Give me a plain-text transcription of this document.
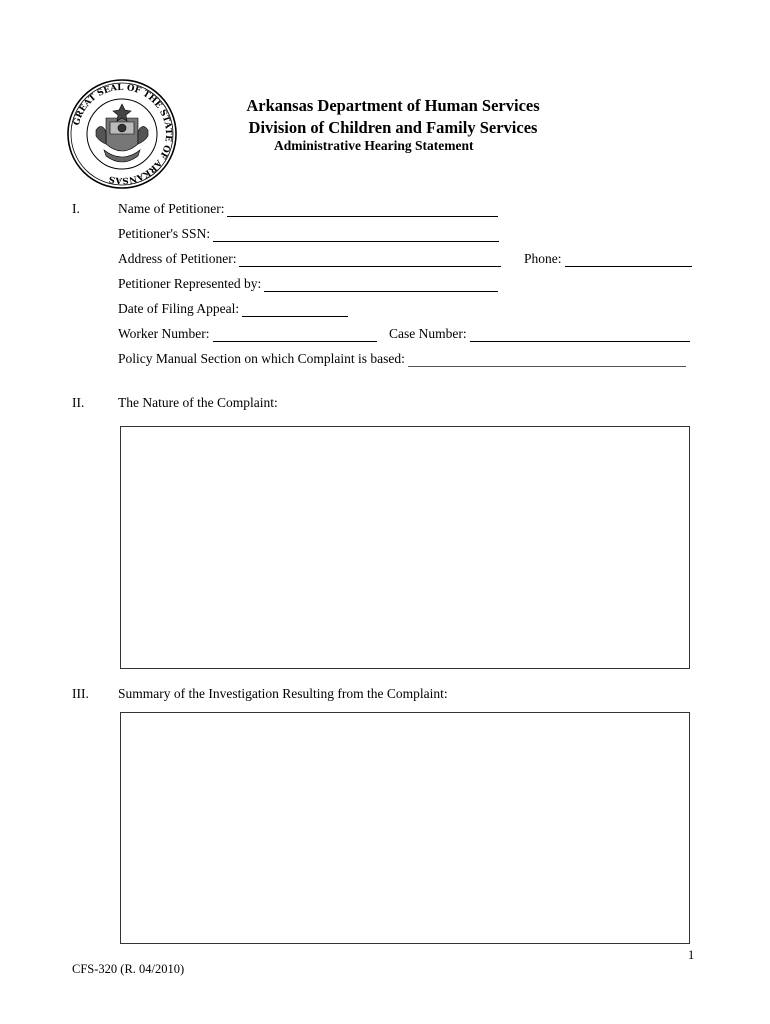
GREAT SEAL OF THE STATE OF ARKANSAS
Arkansas Department of Human Services
Division of Children and Family Services
Administrative Hearing Statement
I.	Name of Petitioner:
Petitioner's SSN:
Address of Petitioner:	Phone:
Petitioner Represented by:
Date of Filing Appeal:
Worker Number:	Case Number:
Policy Manual Section on which Complaint is based:
II. The Nature of the Complaint:
III. Summary of the Investigation Resulting from the Complaint:
1
CFS-320 (R. 04/2010)
